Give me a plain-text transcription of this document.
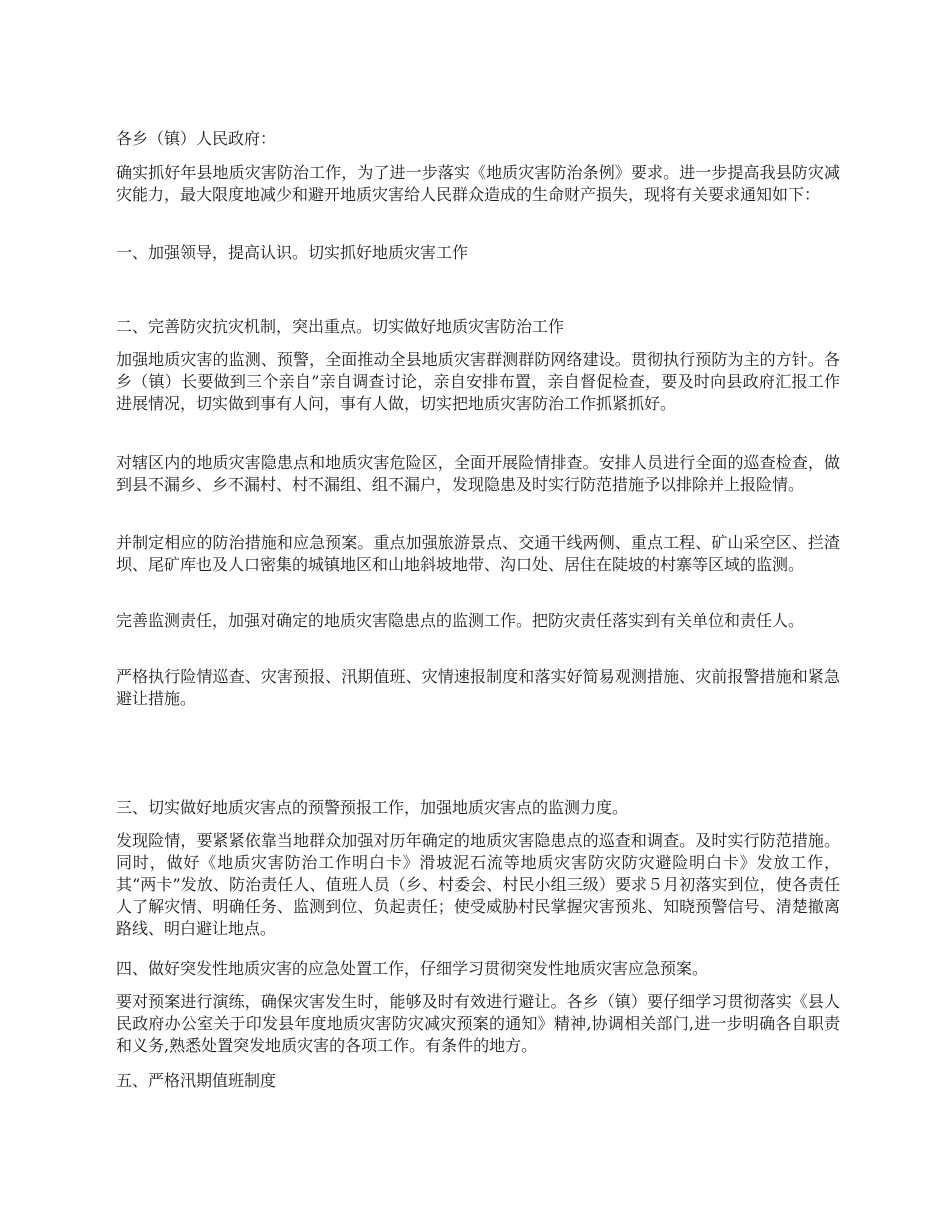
各乡（镇）人民政府：

确实抓好年县地质灾害防治工作，为了进一步落实《地质灾害防治条例》要求。进一步提高我县防灾减灾能力，最大限度地减少和避开地质灾害给人民群众造成的生命财产损失，现将有关要求通知如下：

一、加强领导，提高认识。切实抓好地质灾害工作

二、完善防灾抗灾机制，突出重点。切实做好地质灾害防治工作

加强地质灾害的监测、预警，全面推动全县地质灾害群测群防网络建设。贯彻执行预防为主的方针。各乡（镇）长要做到三个亲自”亲自调查讨论，亲自安排布置，亲自督促检查，要及时向县政府汇报工作进展情况，切实做到事有人问，事有人做，切实把地质灾害防治工作抓紧抓好。

对辖区内的地质灾害隐患点和地质灾害危险区，全面开展险情排查。安排人员进行全面的巡查检查，做到县不漏乡、乡不漏村、村不漏组、组不漏户，发现隐患及时实行防范措施予以排除并上报险情。

并制定相应的防治措施和应急预案。重点加强旅游景点、交通干线两侧、重点工程、矿山采空区、拦渣坝、尾矿库也及人口密集的城镇地区和山地斜坡地带、沟口处、居住在陡坡的村寨等区域的监测。

完善监测责任，加强对确定的地质灾害隐患点的监测工作。把防灾责任落实到有关单位和责任人。

严格执行险情巡查、灾害预报、汛期值班、灾情速报制度和落实好简易观测措施、灾前报警措施和紧急避让措施。

三、切实做好地质灾害点的预警预报工作，加强地质灾害点的监测力度。

发现险情，要紧紧依靠当地群众加强对历年确定的地质灾害隐患点的巡查和调查。及时实行防范措施。同时，做好《地质灾害防治工作明白卡》滑坡泥石流等地质灾害防灾防灾避险明白卡》发放工作，其“两卡”发放、防治责任人、值班人员（乡、村委会、村民小组三级）要求５月初落实到位，使各责任人了解灾情、明确任务、监测到位、负起责任；使受威胁村民掌握灾害预兆、知晓预警信号、清楚撤离路线、明白避让地点。

四、做好突发性地质灾害的应急处置工作，仔细学习贯彻突发性地质灾害应急预案。

要对预案进行演练，确保灾害发生时，能够及时有效进行避让。各乡（镇）要仔细学习贯彻落实《县人民政府办公室关于印发县年度地质灾害防灾减灾预案的通知》精神,协调相关部门,进一步明确各自职责和义务,熟悉处置突发地质灾害的各项工作。有条件的地方。

五、严格汛期值班制度
